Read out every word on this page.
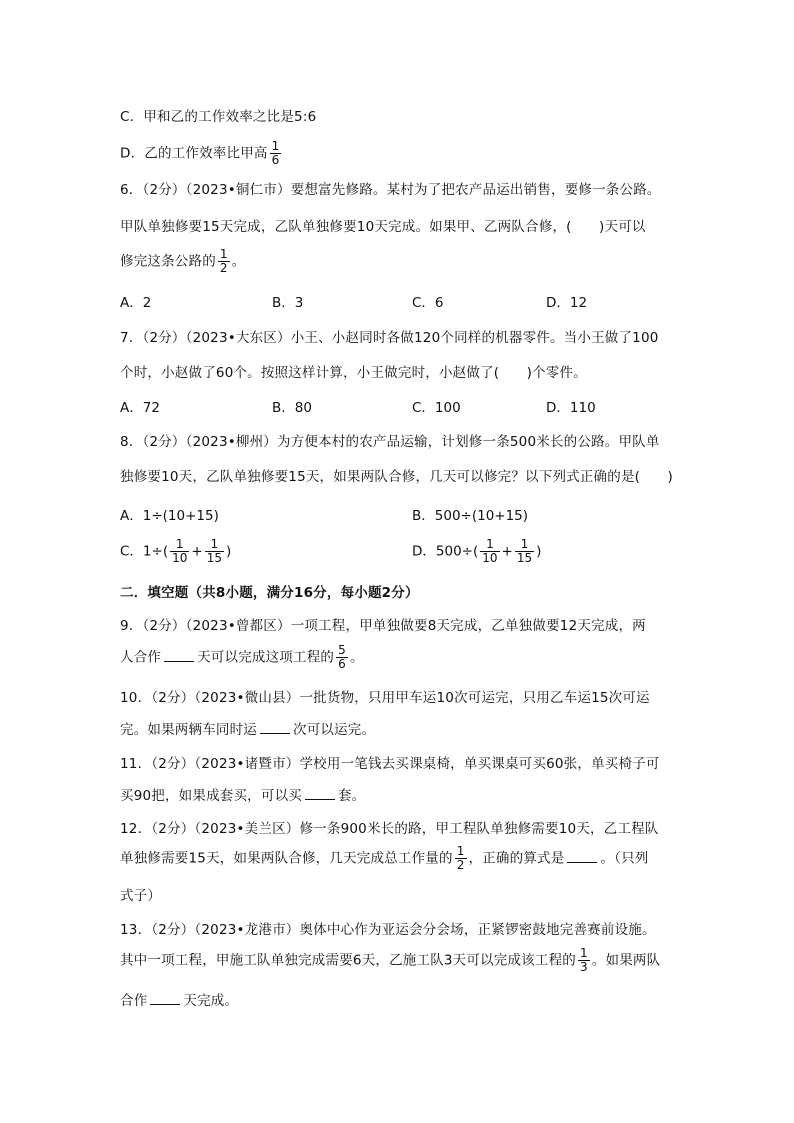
C．甲和乙的工作效率之比是5:6
D．乙的工作效率比甲高 $\frac{1}{6}$
6．（2分）（2023•铜仁市）要想富先修路。某村为了把农产品运出销售，要修一条公路。
甲队单独修要15天完成，乙队单独修要10天完成。如果甲、乙两队合修，(　　)天可以
修完这条公路的 $\frac{1}{2}$ 。
A．2	B．3	C．6	D．12
7．（2分）（2023•大东区）小王、小赵同时各做120个同样的机器零件。当小王做了100
个时，小赵做了60个。按照这样计算，小王做完时，小赵做了(　　)个零件。
A．72	B．80	C．100	D．110
8．（2分）（2023•柳州）为方便本村的农产品运输，计划修一条500米长的公路。甲队单
独修要10天，乙队单独修要15天，如果两队合修，几天可以修完？以下列式正确的是(　　)
A．1÷(10+15)	B．500÷(10+15)
C．$1\div( \frac{1}{10} + \frac{1}{15}$ )	D．$500\div( \frac{1}{10} + \frac{1}{15}$ )
二．填空题（共8小题，满分16分，每小题2分）
9．（2分）（2023•曾都区）一项工程，甲单独做要8天完成，乙单独做要12天完成，两
人合作	天可以完成这项工程的 $\frac{5}{6}$ 。
10．（2分）（2023•微山县）一批货物，只用甲车运10次可运完，只用乙车运15次可运
完。如果两辆车同时运	次可以运完。
11．（2分）（2023•诸暨市）学校用一笔钱去买课桌椅，单买课桌可买60张，单买椅子可
买90把，如果成套买，可以买	套。
12．（2分）（2023•美兰区）修一条900米长的路，甲工程队单独修需要10天，乙工程队
单独修需要15天，如果两队合修，几天完成总工作量的 $\frac{1}{2}$ ，正确的算式是	。（只列
式子）
13．（2分）（2023•龙港市）奥体中心作为亚运会分会场，正紧锣密鼓地完善赛前设施。
其中一项工程，甲施工队单独完成需要6天，乙施工队3天可以完成该工程的 $\frac{1}{3}$ 。如果两队
合作	天完成。
